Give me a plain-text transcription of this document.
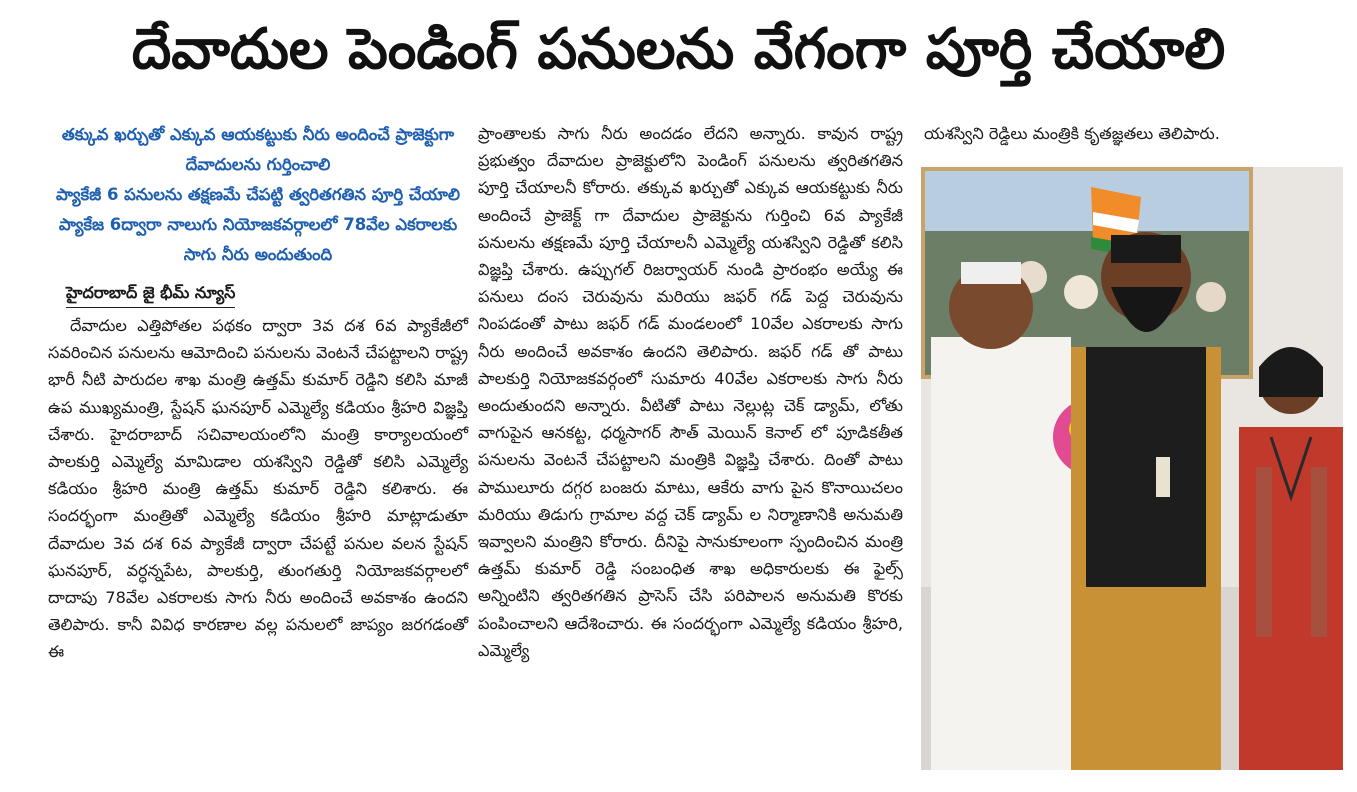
దేవాదుల పెండింగ్ పనులను వేగంగా పూర్తి చేయాలి

తక్కువ ఖర్చుతో ఎక్కువ ఆయకట్టుకు నీరు అందించే ప్రాజెక్టుగా దేవాదులను గుర్తించాలి

ప్యాకేజీ 6 పనులను తక్షణమే చేపట్టి త్వరితగతిన పూర్తి చేయాలి

ప్యాకేజ 6ద్వారా నాలుగు నియోజకవర్గాలలో 78వేల ఎకరాలకు సాగు నీరు అందుతుంది

హైదరాబాద్ జై భీమ్ న్యూస్

దేవాదుల ఎత్తిపోతల పథకం ద్వారా 3వ దశ 6వ ప్యాకేజీలో సవరించిన పనులను ఆమోదించి పనులను వెంటనే చేపట్టాలని రాష్ట్ర భారీ నీటి పారుదల శాఖ మంత్రి ఉత్తమ్ కుమార్ రెడ్డిని కలిసి మాజీ ఉప ముఖ్యమంత్రి, స్టేషన్ ఘనపూర్ ఎమ్మెల్యే కడియం శ్రీహరి విజ్ఞప్తి చేశారు. హైదరాబాద్ సచివాలయంలోని మంత్రి కార్యాలయంలో పాలకుర్తి ఎమ్మెల్యే మామిడాల యశస్విని రెడ్డితో కలిసి ఎమ్మెల్యే కడియం శ్రీహరి మంత్రి ఉత్తమ్ కుమార్ రెడ్డిని కలిశారు. ఈ సందర్భంగా మంత్రితో ఎమ్మెల్యే కడియం శ్రీహరి మాట్లాడుతూ దేవాదుల 3వ దశ 6వ ప్యాకేజీ ద్వారా చేపట్టే పనుల వలన స్టేషన్ ఘనపూర్, వర్ధన్నపేట, పాలకుర్తి, తుంగతుర్తి నియోజకవర్గాలలో దాదాపు 78వేల ఎకరాలకు సాగు నీరు అందించే అవకాశం ఉందని తెలిపారు. కానీ వివిధ కారణాల వల్ల పనులలో జాప్యం జరగడంతో ఈ

ప్రాంతాలకు సాగు నీరు అందడం లేదని అన్నారు. కావున రాష్ట్ర ప్రభుత్వం దేవాదుల ప్రాజెక్టులోని పెండింగ్ పనులను త్వరితగతిన పూర్తి చేయాలనీ కోరారు. తక్కువ ఖర్చుతో ఎక్కువ ఆయకట్టుకు నీరు అందించే ప్రాజెక్ట్ గా దేవాదుల ప్రాజెక్టును గుర్తించి 6వ ప్యాకేజీ పనులను తక్షణమే పూర్తి చేయాలనీ ఎమ్మెల్యే యశస్విని రెడ్డితో కలిసి విజ్ఞప్తి చేశారు. ఉప్పుగల్ రిజర్వాయర్ నుండి ప్రారంభం అయ్యే ఈ పనులు దంస చెరువును మరియు జఫర్ గడ్ పెద్ద చెరువును నింపడంతో పాటు జఫర్ గడ్ మండలంలో 10వేల ఎకరాలకు సాగు నీరు అందించే అవకాశం ఉందని తెలిపారు. జఫర్ గడ్ తో పాటు పాలకుర్తి నియోజకవర్గంలో సుమారు 40వేల ఎకరాలకు సాగు నీరు అందుతుందని అన్నారు. వీటితో పాటు నెల్లుట్ల చెక్ డ్యామ్, లోతు వాగుపైన ఆనకట్ట, ధర్మసాగర్ సౌత్ మెయిన్ కెనాల్ లో పూడికతీత పనులను వెంటనే చేపట్టాలని మంత్రికి విజ్ఞప్తి చేశారు. దింతో పాటు పాములూరు దగ్గర బంజరు మాటు, ఆకేరు వాగు పైన కొనాయిచలం మరియు తిడుగు గ్రామాల వద్ద చెక్ డ్యామ్ ల నిర్మాణానికి అనుమతి ఇవ్వాలని మంత్రిని కోరారు. దీనిపై సానుకూలంగా స్పందించిన మంత్రి ఉత్తమ్ కుమార్ రెడ్డి సంబంధిత శాఖ అధికారులకు ఈ ఫైల్స్ అన్నింటిని త్వరితగతిన ప్రాసెస్ చేసి పరిపాలన అనుమతి కొరకు పంపించాలని ఆదేశించారు. ఈ సందర్భంగా ఎమ్మెల్యే కడియం శ్రీహరి, ఎమ్మెల్యే

యశస్విని రెడ్డిలు మంత్రికి కృతజ్ఞతలు తెలిపారు.
